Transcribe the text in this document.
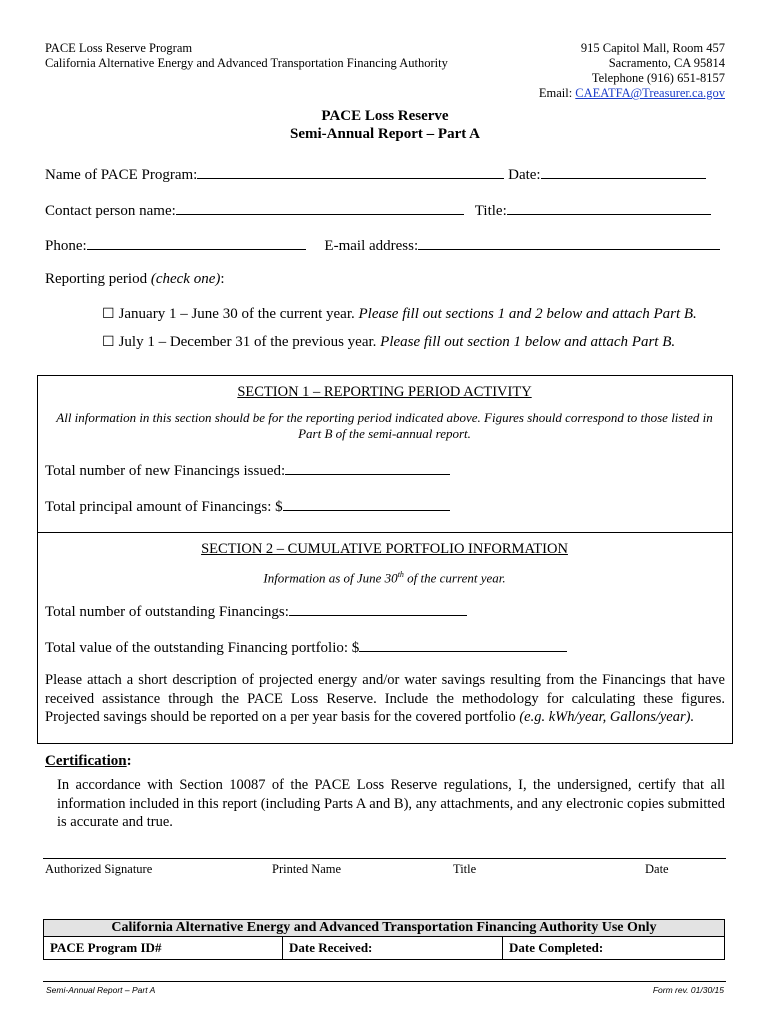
PACE Loss Reserve Program
California Alternative Energy and Advanced Transportation Financing Authority
915 Capitol Mall, Room 457
Sacramento, CA 95814
Telephone (916) 651-8157
Email: CAEATFA@Treasurer.ca.gov
PACE Loss Reserve
Semi-Annual Report – Part A
Name of PACE Program:	Date:
Contact person name:	Title:
Phone:	E-mail address:
Reporting period (check one):
☐ January 1 – June 30 of the current year. Please fill out sections 1 and 2 below and attach Part B.
☐ July 1 – December 31 of the previous year. Please fill out section 1 below and attach Part B.
SECTION 1 – REPORTING PERIOD ACTIVITY
All information in this section should be for the reporting period indicated above. Figures should correspond to those listed in Part B of the semi-annual report.
Total number of new Financings issued:
Total principal amount of Financings: $
SECTION 2 – CUMULATIVE PORTFOLIO INFORMATION
Information as of June 30th of the current year.
Total number of outstanding Financings:
Total value of the outstanding Financing portfolio: $
Please attach a short description of projected energy and/or water savings resulting from the Financings that have received assistance through the PACE Loss Reserve. Include the methodology for calculating these figures. Projected savings should be reported on a per year basis for the covered portfolio (e.g. kWh/year, Gallons/year).
Certification:
In accordance with Section 10087 of the PACE Loss Reserve regulations, I, the undersigned, certify that all information included in this report (including Parts A and B), any attachments, and any electronic copies submitted is accurate and true.
Authorized Signature	Printed Name	Title	Date
California Alternative Energy and Advanced Transportation Financing Authority Use Only
PACE Program ID#	Date Received:	Date Completed:
Semi-Annual Report – Part A	Form rev. 01/30/15
